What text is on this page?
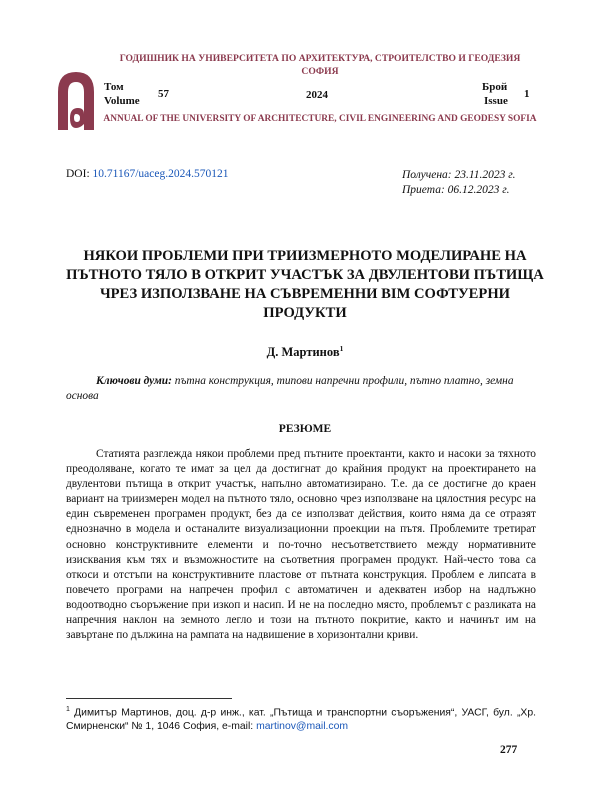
ГОДИШНИК НА УНИВЕРСИТЕТА ПО АРХИТЕКТУРА, СТРОИТЕЛСТВО И ГЕОДЕЗИЯ СОФИЯ
Том
Volume
57	2024
Брой
Issue
1
ANNUAL OF THE UNIVERSITY OF ARCHITECTURE, CIVIL ENGINEERING AND GEODESY SOFIA
DOI: 10.71167/uaceg.2024.570121	Получена: 23.11.2023 г.
Приета: 06.12.2023 г.
НЯКОИ ПРОБЛЕМИ ПРИ ТРИИЗМЕРНОТО МОДЕЛИРАНЕ НА ПЪТНОТО ТЯЛО В ОТКРИТ УЧАСТЪК ЗА ДВУЛЕНТОВИ ПЪТИЩА ЧРЕЗ ИЗПОЛЗВАНЕ НА СЪВРЕМЕННИ BIM СОФТУЕРНИ ПРОДУКТИ
Д. Мартинов$^1$
Ключови думи: пътна конструкция, типови напречни профили, пътно платно, земна основа
РЕЗЮМЕ

Статията разглежда някои проблеми пред пътните проектанти, както и насоки за тяхното преодоляване, когато те имат за цел да достигнат до крайния продукт на проектирането на двулентови пътища в открит участък, напълно автоматизирано. Т.е. да се достигне до краен вариант на триизмерен модел на пътното тяло, основно чрез използване на цялостния ресурс на един съвременен програмен продукт, без да се използват действия, които няма да се отразят еднозначно в модела и останалите визуализационни проекции на пътя. Проблемите третират основно конструктивните елементи и по-точно несъответствието между нормативните изисквания към тях и възможностите на съответния програмен продукт. Най-често това са откоси и отстъпи на конструктивните пластове от пътната конструкция. Проблем е липсата в повечето програми на напречен профил с автоматичен и адекватен избор на надлъжно водоотводно съоръжение при изкоп и насип. И не на последно място, проблемът с разликата на напречния наклон на земното легло и този на пътното покритие, както и начинът им на завъртане по дължина на рампата на надвишение в хоризонтални криви.

$^1$ Димитър Мартинов, доц. д-р инж., кат. „Пътища и транспортни съоръжения“, УАСГ, бул. „Хр. Смирненски“ № 1, 1046 София, e-mail: martinov@mail.com
277
